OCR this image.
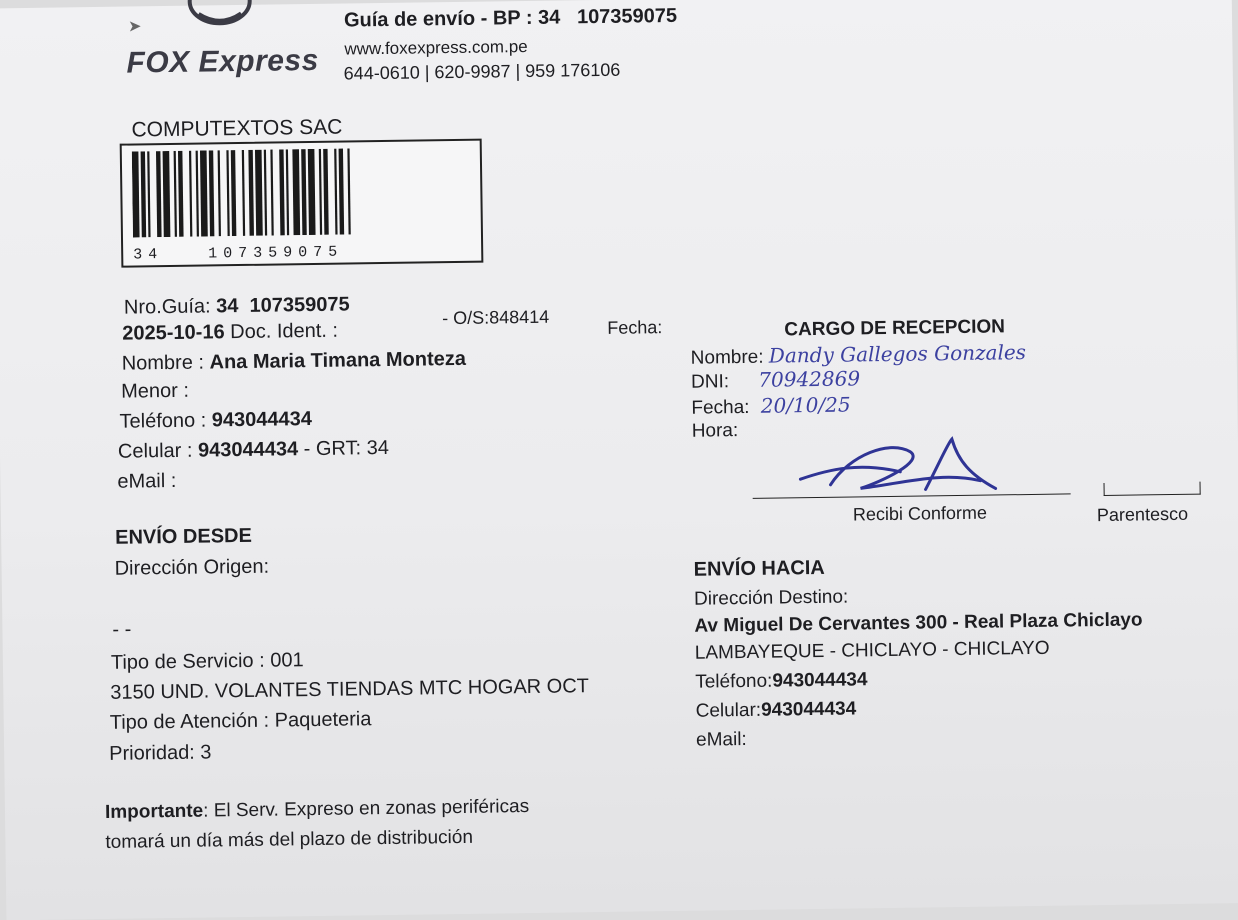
➤
FOX Express
Guía de envío - BP : 34   107359075
www.foxexpress.com.pe
644-0610 | 620-9987 | 959 176106
COMPUTEXTOS SAC
34   107359075
Nro.Guía: 34  107359075
- O/S:848414	Fecha:
2025-10-16 Doc. Ident. :
Nombre : Ana Maria Timana Monteza
Menor :
Teléfono : 943044434
Celular : 943044434 - GRT: 34
eMail :
ENVÍO DESDE
Dirección Origen:
- -
Tipo de Servicio : 001
3150 UND. VOLANTES TIENDAS MTC HOGAR OCT
Tipo de Atención : Paqueteria
Prioridad: 3
Importante: El Serv. Expreso en zonas periféricas
tomará un día más del plazo de distribución
CARGO DE RECEPCION
Nombre: Dandy Gallegos Gonzales
DNI: 70942869
Fecha: 20/10/25
Hora:
Recibi Conforme	Parentesco
ENVÍO HACIA
Dirección Destino:
Av Miguel De Cervantes 300 - Real Plaza Chiclayo
LAMBAYEQUE - CHICLAYO - CHICLAYO
Teléfono:943044434
Celular:943044434
eMail:
